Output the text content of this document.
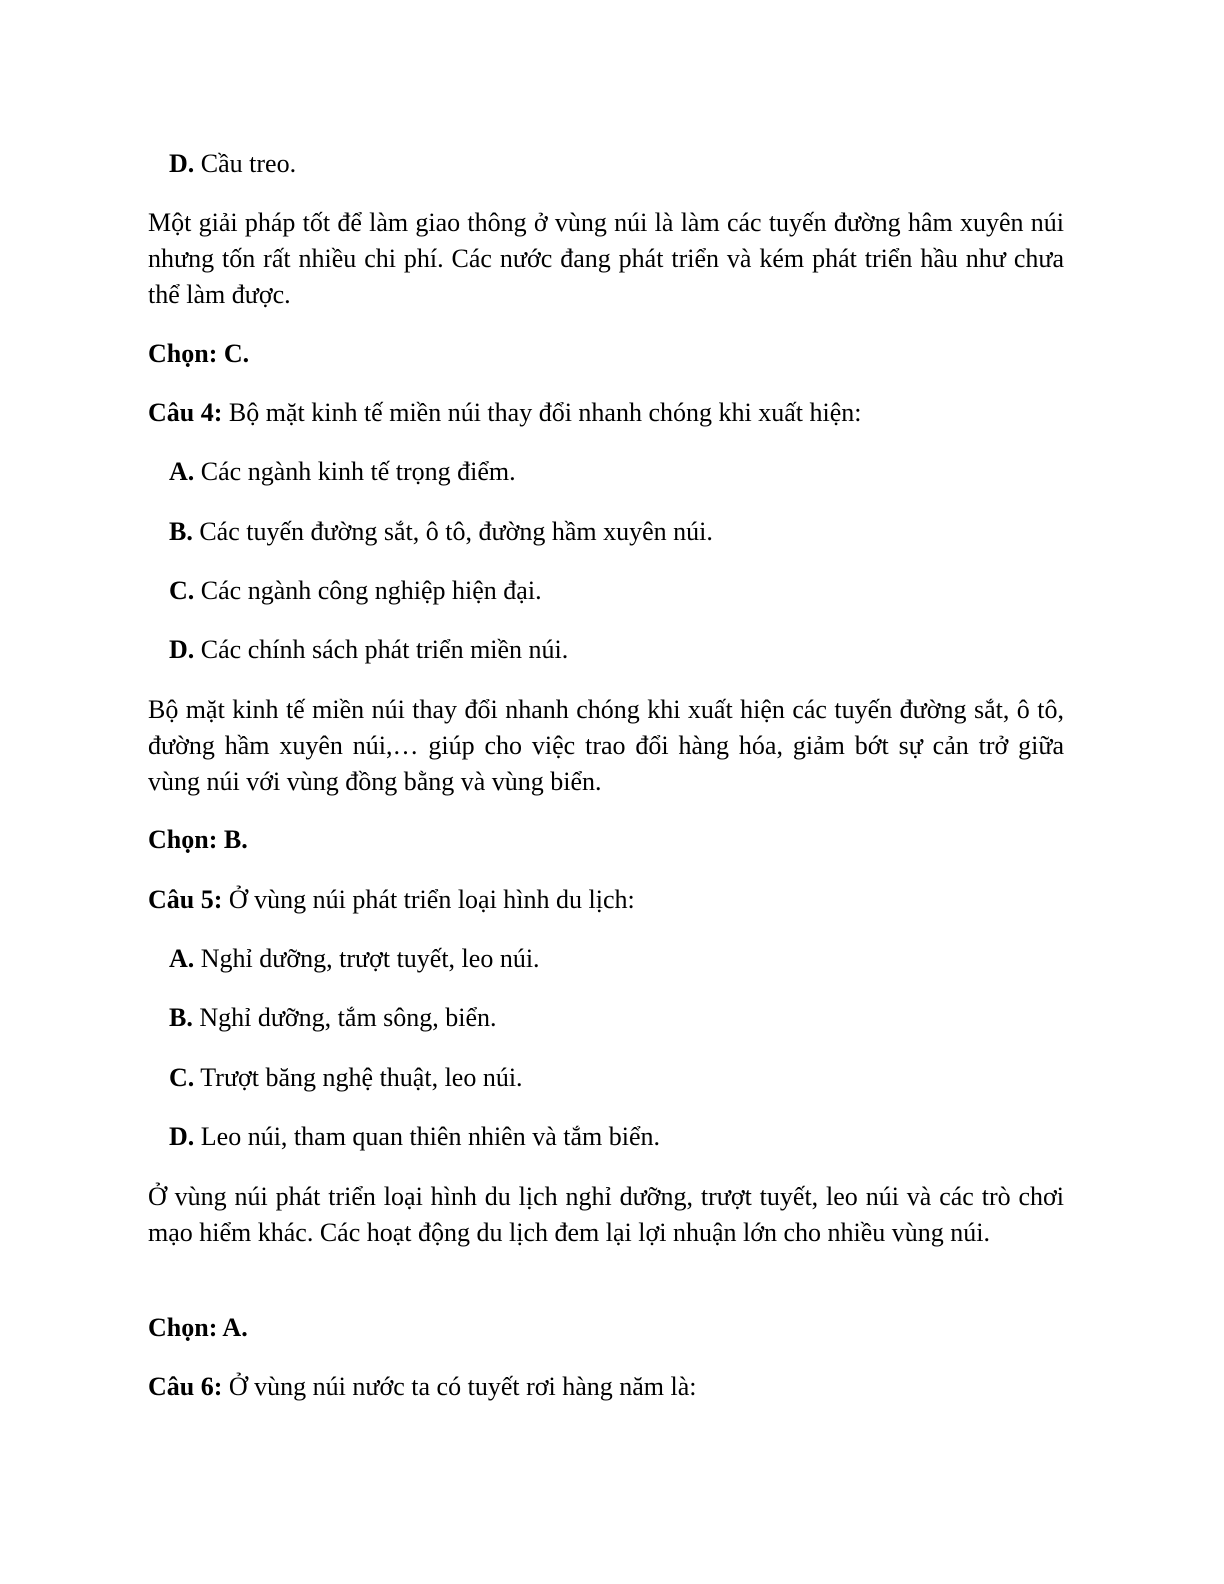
D. Cầu treo.
Một giải pháp tốt để làm giao thông ở vùng núi là làm các tuyến đường hâm xuyên núi nhưng tốn rất nhiều chi phí. Các nước đang phát triển và kém phát triển hầu như chưa thể làm được.
Chọn: C.
Câu 4: Bộ mặt kinh tế miền núi thay đổi nhanh chóng khi xuất hiện:
A. Các ngành kinh tế trọng điểm.
B. Các tuyến đường sắt, ô tô, đường hầm xuyên núi.
C. Các ngành công nghiệp hiện đại.
D. Các chính sách phát triển miền núi.
Bộ mặt kinh tế miền núi thay đổi nhanh chóng khi xuất hiện các tuyến đường sắt, ô tô, đường hầm xuyên núi,… giúp cho việc trao đổi hàng hóa, giảm bớt sự cản trở giữa vùng núi với vùng đồng bằng và vùng biển.
Chọn: B.
Câu 5: Ở vùng núi phát triển loại hình du lịch:
A. Nghỉ dưỡng, trượt tuyết, leo núi.
B. Nghỉ dưỡng, tắm sông, biển.
C. Trượt băng nghệ thuật, leo núi.
D. Leo núi, tham quan thiên nhiên và tắm biển.
Ở vùng núi phát triển loại hình du lịch nghỉ dưỡng, trượt tuyết, leo núi và các trò chơi mạo hiểm khác. Các hoạt động du lịch đem lại lợi nhuận lớn cho nhiều vùng núi.
Chọn: A.
Câu 6: Ở vùng núi nước ta có tuyết rơi hàng năm là:
